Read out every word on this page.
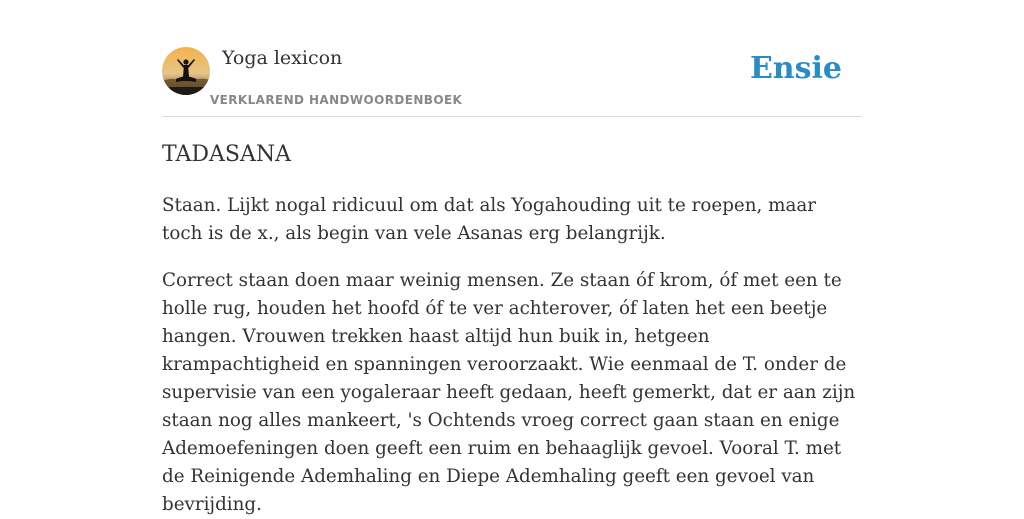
Yoga lexicon
VERKLAREND HANDWOORDENBOEK
Ensie
TADASANA

Staan. Lijkt nogal ridicuul om dat als Yogahouding uit te roepen, maar toch is de x., als begin van vele Asanas erg belangrijk.

Correct staan doen maar weinig mensen. Ze staan óf krom, óf met een te holle rug, houden het hoofd óf te ver achterover, óf laten het een beetje hangen. Vrouwen trekken haast altijd hun buik in, hetgeen krampachtigheid en spanningen veroorzaakt. Wie eenmaal de T. onder de supervisie van een yogaleraar heeft gedaan, heeft gemerkt, dat er aan zijn staan nog alles mankeert, 's Ochtends vroeg correct gaan staan en enige Ademoefeningen doen geeft een ruim en behaaglijk gevoel. Vooral T. met de Reinigende Ademhaling en Diepe Ademhaling geeft een gevoel van bevrijding.
